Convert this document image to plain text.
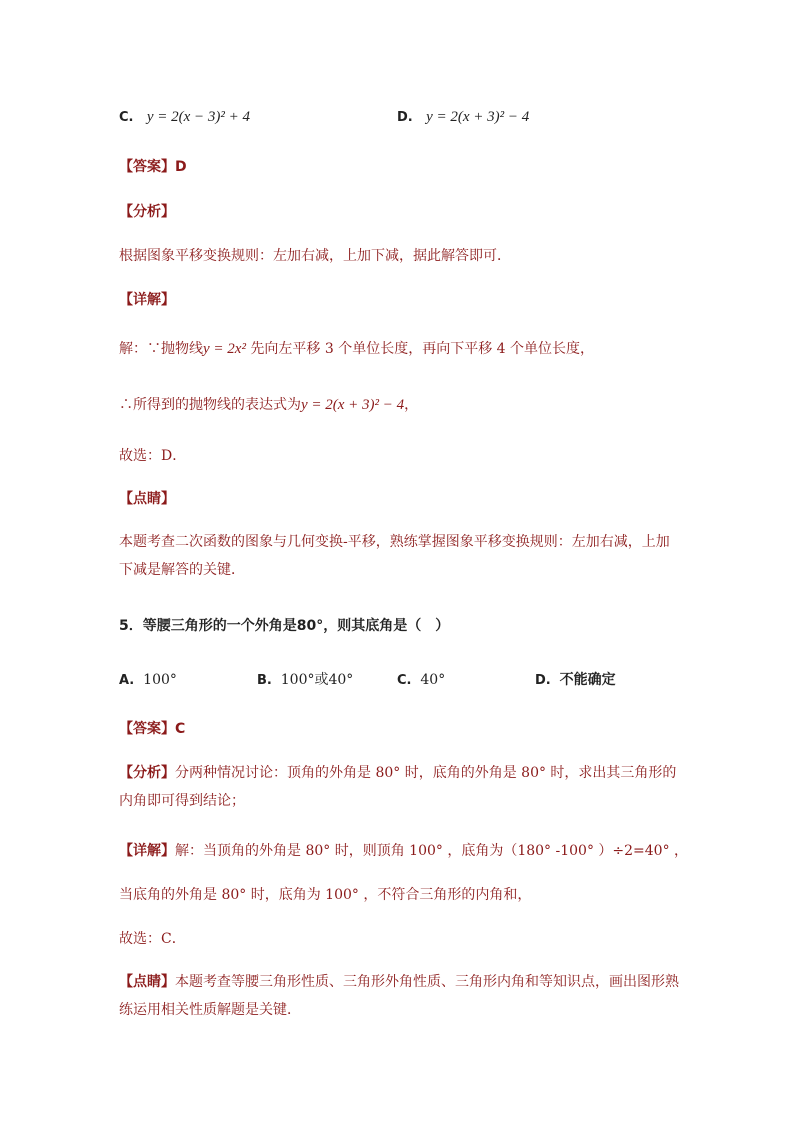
C. y = 2(x − 3)² + 4	D. y = 2(x + 3)² − 4
【答案】D
【分析】
根据图象平移变换规则：左加右减，上加下减，据此解答即可．
【详解】
解：∵抛物线y = 2x² 先向左平移 3 个单位长度，再向下平移 4 个单位长度，
∴所得到的抛物线的表达式为y = 2(x + 3)² − 4，
故选：D．
【点睛】
本题考查二次函数的图象与几何变换-平移，熟练掌握图象平移变换规则：左加右减，上加下减是解答的关键．
5．等腰三角形的一个外角是80°，则其底角是（　）
A. 100°	B. 100°或40°	C. 40°	D. 不能确定
【答案】C
【分析】分两种情况讨论：顶角的外角是 80° 时，底角的外角是 80° 时，求出其三角形的内角即可得到结论；
【详解】解：当顶角的外角是 80° 时，则顶角 100° ，底角为（180° -100° ）÷2=40° ，
当底角的外角是 80° 时，底角为 100° ，不符合三角形的内角和，
故选：C．
【点睛】本题考查等腰三角形性质、三角形外角性质、三角形内角和等知识点，画出图形熟练运用相关性质解题是关键．
